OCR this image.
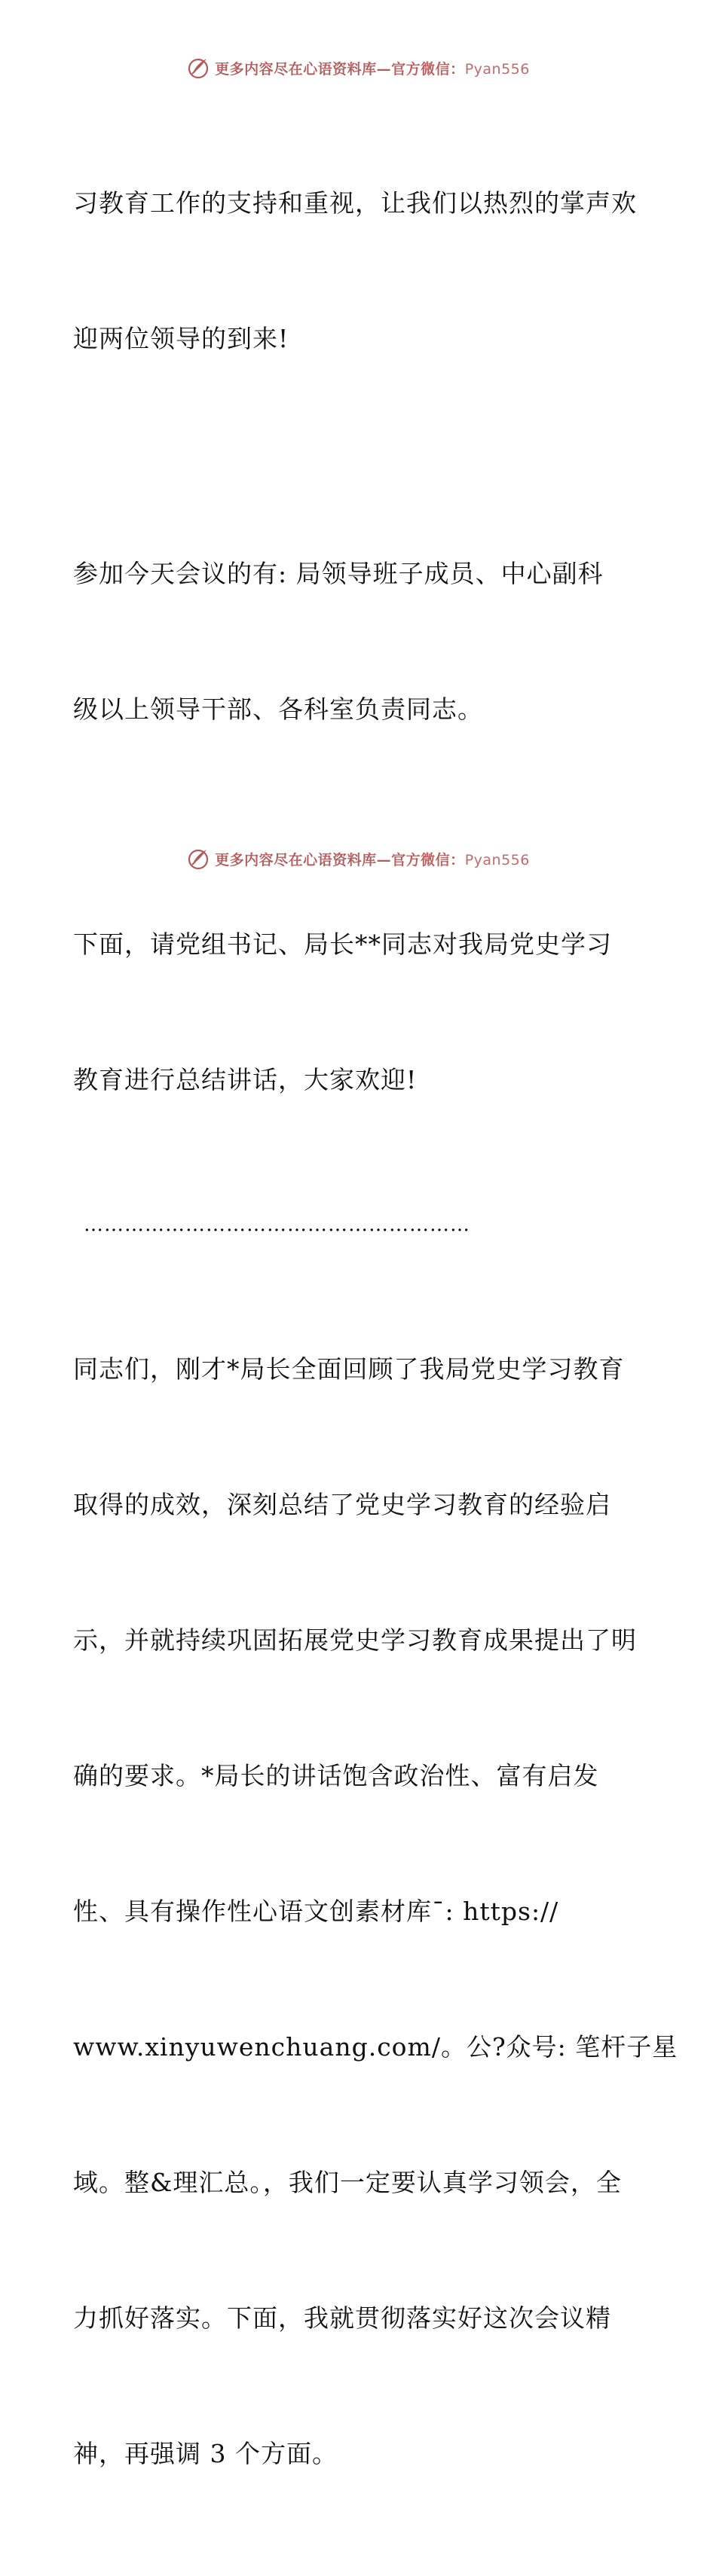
更多内容尽在心语资料库—官方微信：Pyan556

习教育工作的支持和重视，让我们以热烈的掌声欢

迎两位领导的到来!

参加今天会议的有: 局领导班子成员、中心副科

级以上领导干部、各科室负责同志。

下面，请党组书记、局长**同志对我局党史学习

教育进行总结讲话，大家欢迎!

…………………………………………………

同志们，刚才*局长全面回顾了我局党史学习教育

取得的成效，深刻总结了党史学习教育的经验启

示，并就持续巩固拓展党史学习教育成果提出了明

确的要求。*局长的讲话饱含政治性、富有启发

性、具有操作性心语文创素材库¯: https://

www.xinyuwenchuang.com/。公?众号: 笔杆子星

域。整&理汇总。，我们一定要认真学习领会，全

力抓好落实。下面，我就贯彻落实好这次会议精

神，再强调 3 个方面。

更多内容尽在心语资料库—官方微信：Pyan556
